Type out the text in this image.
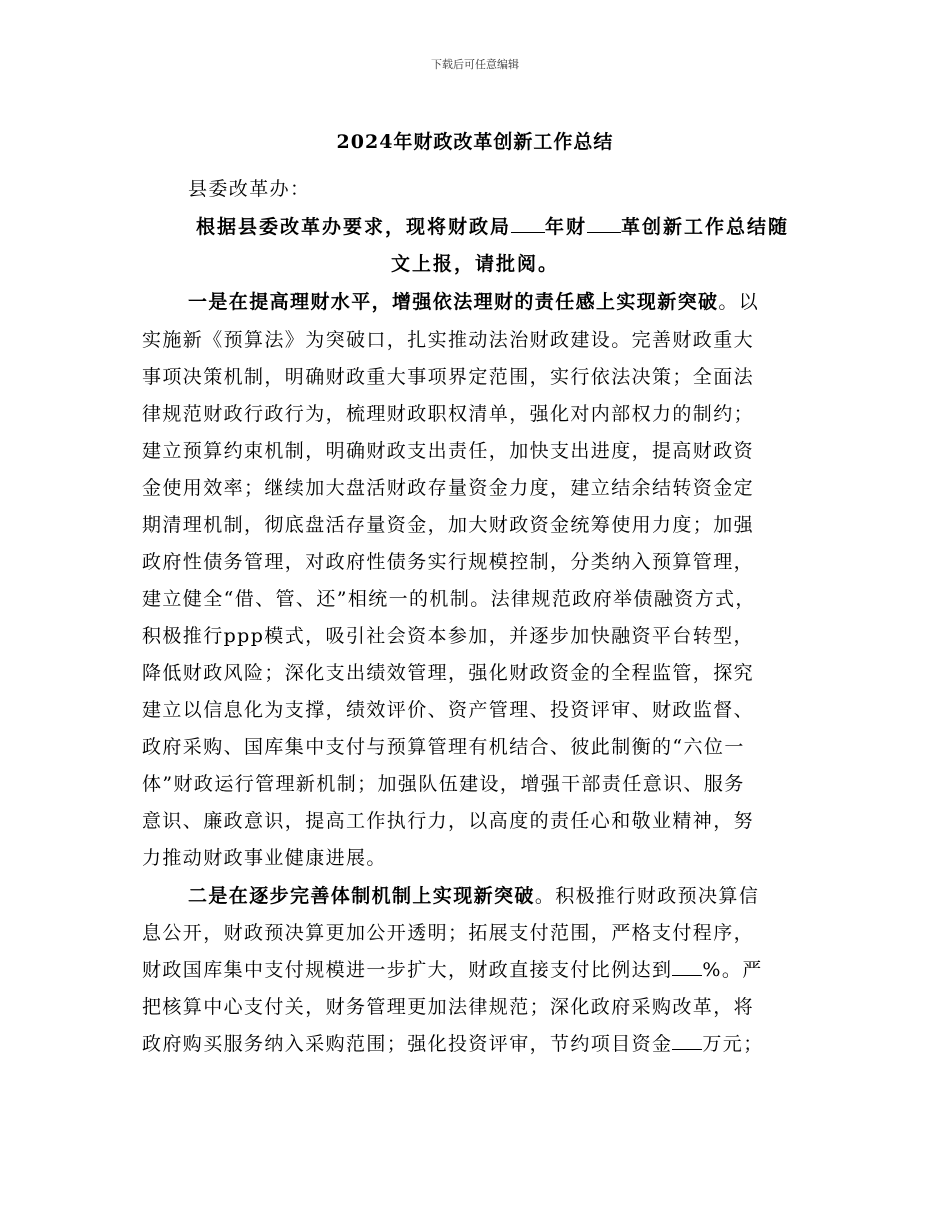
下载后可任意编辑
2024年财政改革创新工作总结
县委改革办：
根据县委改革办要求，现将财政局 年财 革创新工作总结随
文上报，请批阅。
一是在提高理财水平，增强依法理财的责任感上实现新突破。以
实施新《预算法》为突破口，扎实推动法治财政建设。完善财政重大
事项决策机制，明确财政重大事项界定范围，实行依法决策；全面法
律规范财政行政行为，梳理财政职权清单，强化对内部权力的制约；
建立预算约束机制，明确财政支出责任，加快支出进度，提高财政资
金使用效率；继续加大盘活财政存量资金力度，建立结余结转资金定
期清理机制，彻底盘活存量资金，加大财政资金统筹使用力度；加强
政府性债务管理，对政府性债务实行规模控制，分类纳入预算管理，
建立健全“借、管、还”相统一的机制。法律规范政府举债融资方式，
积极推行ppp模式，吸引社会资本参加，并逐步加快融资平台转型，
降低财政风险；深化支出绩效管理，强化财政资金的全程监管，探究
建立以信息化为支撑，绩效评价、资产管理、投资评审、财政监督、
政府采购、国库集中支付与预算管理有机结合、彼此制衡的“六位一
体”财政运行管理新机制；加强队伍建设，增强干部责任意识、服务
意识、廉政意识，提高工作执行力，以高度的责任心和敬业精神，努
力推动财政事业健康进展。
二是在逐步完善体制机制上实现新突破。积极推行财政预决算信
息公开，财政预决算更加公开透明；拓展支付范围，严格支付程序，
财政国库集中支付规模进一步扩大，财政直接支付比例达到 %。严
把核算中心支付关，财务管理更加法律规范；深化政府采购改革，将
政府购买服务纳入采购范围；强化投资评审，节约项目资金 万元；
